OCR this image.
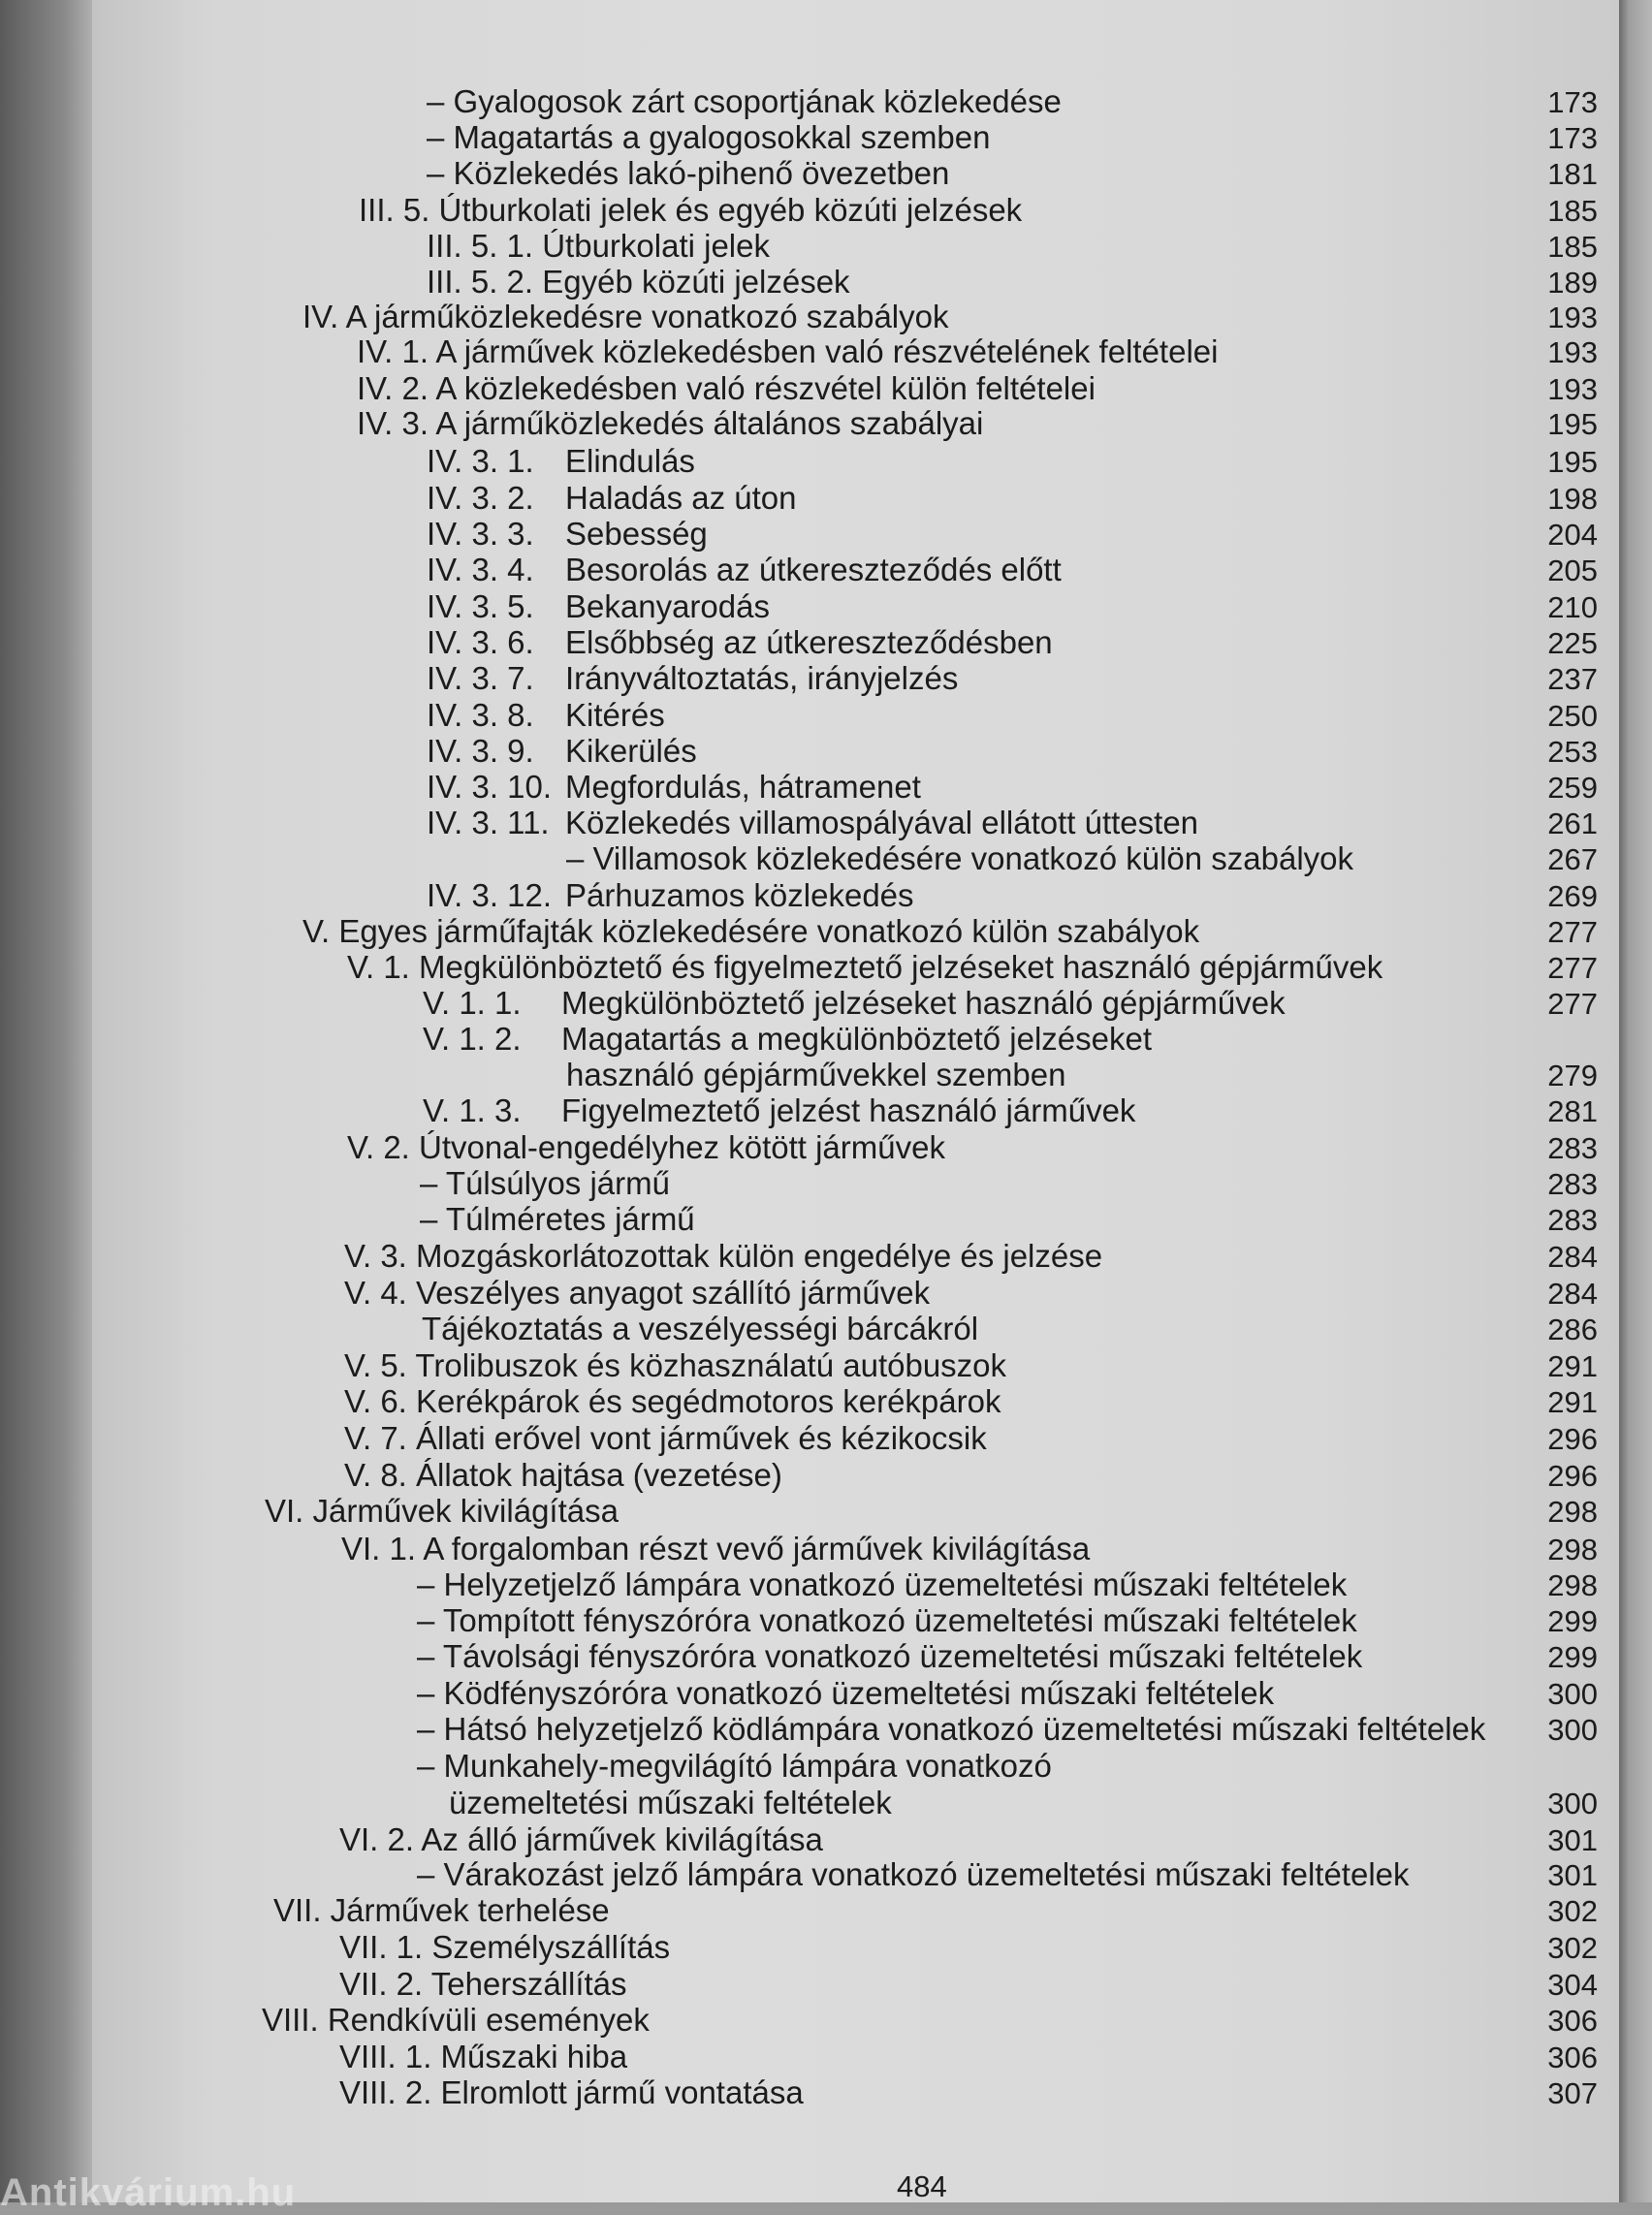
– Gyalogosok zárt csoportjának közlekedése	173
– Magatartás a gyalogosokkal szemben	173
– Közlekedés lakó-pihenő övezetben	181
III. 5. Útburkolati jelek és egyéb közúti jelzések	185
III. 5. 1. Útburkolati jelek	185
III. 5. 2. Egyéb közúti jelzések	189
IV. A járműközlekedésre vonatkozó szabályok	193
IV. 1. A járművek közlekedésben való részvételének feltételei	193
IV. 2. A közlekedésben való részvétel külön feltételei	193
IV. 3. A járműközlekedés általános szabályai	195
IV. 3. 1. Elindulás	195
IV. 3. 2. Haladás az úton	198
IV. 3. 3. Sebesség	204
IV. 3. 4. Besorolás az útkereszteződés előtt	205
IV. 3. 5. Bekanyarodás	210
IV. 3. 6. Elsőbbség az útkereszteződésben	225
IV. 3. 7. Irányváltoztatás, irányjelzés	237
IV. 3. 8. Kitérés	250
IV. 3. 9. Kikerülés	253
IV. 3. 10. Megfordulás, hátramenet	259
IV. 3. 11. Közlekedés villamospályával ellátott úttesten	261
– Villamosok közlekedésére vonatkozó külön szabályok	267
IV. 3. 12. Párhuzamos közlekedés	269
V. Egyes járműfajták közlekedésére vonatkozó külön szabályok	277
V. 1. Megkülönböztető és figyelmeztető jelzéseket használó gépjárművek	277
V. 1. 1. Megkülönböztető jelzéseket használó gépjárművek	277
V. 1. 2. Magatartás a megkülönböztető jelzéseket
használó gépjárművekkel szemben	279
V. 1. 3. Figyelmeztető jelzést használó járművek	281
V. 2. Útvonal-engedélyhez kötött járművek	283
– Túlsúlyos jármű	283
– Túlméretes jármű	283
V. 3. Mozgáskorlátozottak külön engedélye és jelzése	284
V. 4. Veszélyes anyagot szállító járművek	284
Tájékoztatás a veszélyességi bárcákról	286
V. 5. Trolibuszok és közhasználatú autóbuszok	291
V. 6. Kerékpárok és segédmotoros kerékpárok	291
V. 7. Állati erővel vont járművek és kézikocsik	296
V. 8. Állatok hajtása (vezetése)	296
VI. Járművek kivilágítása	298
VI. 1. A forgalomban részt vevő járművek kivilágítása	298
– Helyzetjelző lámpára vonatkozó üzemeltetési műszaki feltételek	298
– Tompított fényszóróra vonatkozó üzemeltetési műszaki feltételek	299
– Távolsági fényszóróra vonatkozó üzemeltetési műszaki feltételek	299
– Ködfényszóróra vonatkozó üzemeltetési műszaki feltételek	300
– Hátsó helyzetjelző ködlámpára vonatkozó üzemeltetési műszaki feltételek 300
– Munkahely-megvilágító lámpára vonatkozó
üzemeltetési műszaki feltételek	300
VI. 2. Az álló járművek kivilágítása	301
– Várakozást jelző lámpára vonatkozó üzemeltetési műszaki feltételek	301
VII. Járművek terhelése	302
VII. 1. Személyszállítás	302
VII. 2. Teherszállítás	304
VIII. Rendkívüli események	306
VIII. 1. Műszaki hiba	306
VIII. 2. Elromlott jármű vontatása	307
484
Antikvárium.hu
